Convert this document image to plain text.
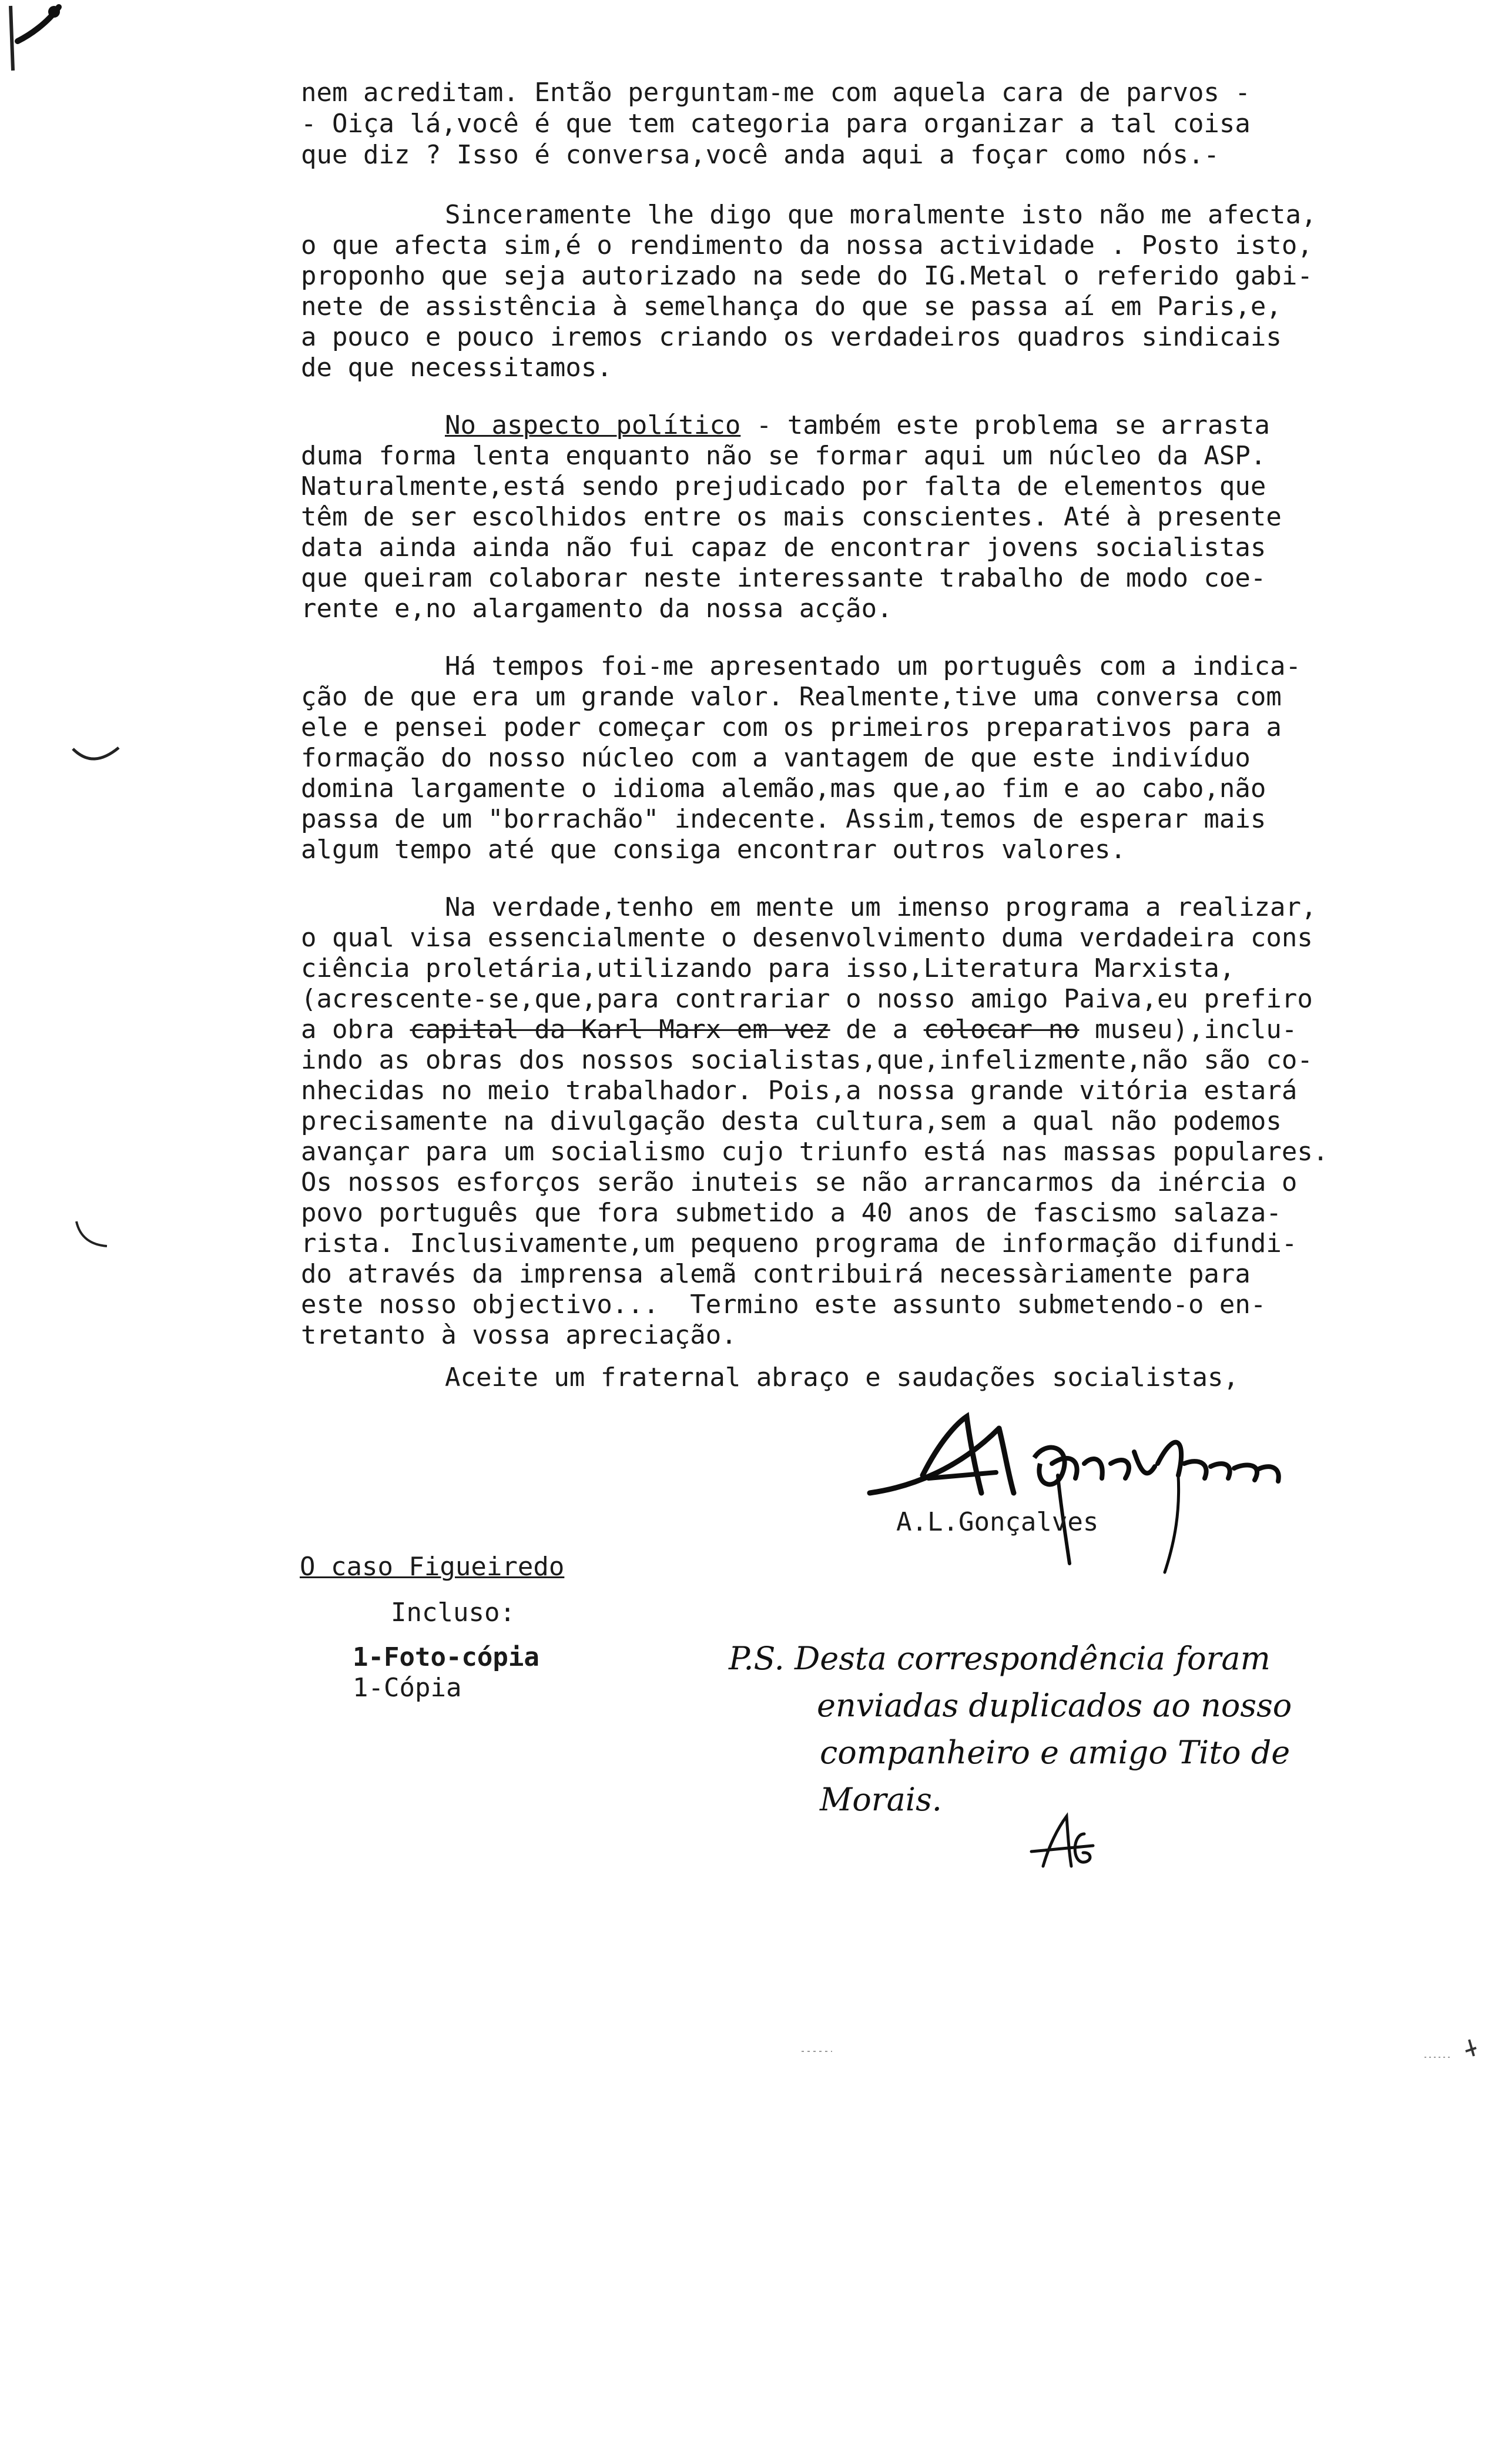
nem acreditam. Então perguntam-me com aquela cara de parvos -

- Oiça lá,você é que tem categoria para organizar a tal coisa

que diz ? Isso é conversa,você anda aqui a foçar como nós.-

Sinceramente lhe digo que moralmente isto não me afecta,

o que afecta sim,é o rendimento da nossa actividade . Posto isto,

proponho que seja autorizado na sede do IG.Metal o referido gabi-

nete de assistência à semelhança do que se passa aí em Paris,e,

a pouco e pouco iremos criando os verdadeiros quadros sindicais

de que necessitamos.

No aspecto político - também este problema se arrasta

duma forma lenta enquanto não se formar aqui um núcleo da ASP.

Naturalmente,está sendo prejudicado por falta de elementos que

têm de ser escolhidos entre os mais conscientes. Até à presente

data ainda ainda não fui capaz de encontrar jovens socialistas

que queiram colaborar neste interessante trabalho de modo coe-

rente e,no alargamento da nossa acção.

Há tempos foi-me apresentado um português com a indica-

ção de que era um grande valor. Realmente,tive uma conversa com

ele e pensei poder começar com os primeiros preparativos para a

formação do nosso núcleo com a vantagem de que este indivíduo

domina largamente o idioma alemão,mas que,ao fim e ao cabo,não

passa de um "borrachão" indecente. Assim,temos de esperar mais

algum tempo até que consiga encontrar outros valores.

Na verdade,tenho em mente um imenso programa a realizar,

o qual visa essencialmente o desenvolvimento duma verdadeira cons

ciência proletária,utilizando para isso,Literatura Marxista,

(acrescente-se,que,para contrariar o nosso amigo Paiva,eu prefiro

a obra capital da Karl Marx em vez de a colocar no museu),inclu-

indo as obras dos nossos socialistas,que,infelizmente,não são co-

nhecidas no meio trabalhador. Pois,a nossa grande vitória estará

precisamente na divulgação desta cultura,sem a qual não podemos

avançar para um socialismo cujo triunfo está nas massas populares.

Os nossos esforços serão inuteis se não arrancarmos da inércia o

povo português que fora submetido a 40 anos de fascismo salaza-

rista. Inclusivamente,um pequeno programa de informação difundi-

do através da imprensa alemã contribuirá necessàriamente para

este nosso objectivo...  Termino este assunto submetendo-o en-

tretanto à vossa apreciação.

Aceite um fraternal abraço e saudações socialistas,

A.L.Gonçalves

O caso Figueiredo

Incluso:

1-Foto-cópia

1-Cópia

P.S. Desta correspondência foram
enviadas duplicados ao nosso
companheiro e amigo Tito de
Morais.
